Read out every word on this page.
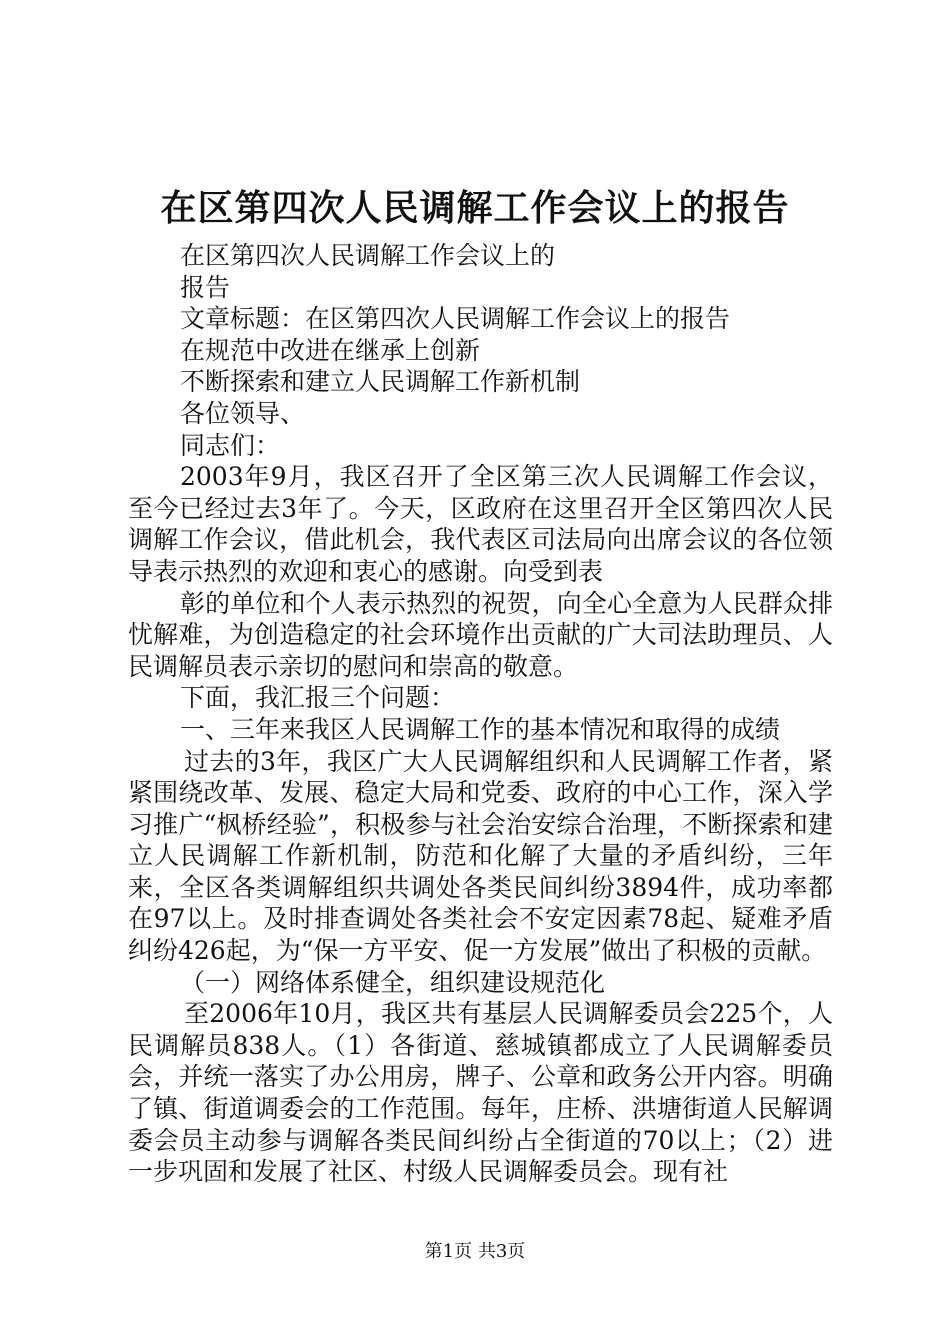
在区第四次人民调解工作会议上的报告

在区第四次人民调解工作会议上的

报告

文章标题：在区第四次人民调解工作会议上的报告

在规范中改进在继承上创新

不断探索和建立人民调解工作新机制

各位领导、

同志们：

2003年9月，我区召开了全区第三次人民调解工作会议，至今已经过去3年了。今天，区政府在这里召开全区第四次人民调解工作会议，借此机会，我代表区司法局向出席会议的各位领导表示热烈的欢迎和衷心的感谢。向受到表

彰的单位和个人表示热烈的祝贺，向全心全意为人民群众排忧解难，为创造稳定的社会环境作出贡献的广大司法助理员、人民调解员表示亲切的慰问和崇高的敬意。

下面，我汇报三个问题：

一、三年来我区人民调解工作的基本情况和取得的成绩

过去的3年，我区广大人民调解组织和人民调解工作者，紧紧围绕改革、发展、稳定大局和党委、政府的中心工作，深入学习推广“枫桥经验”，积极参与社会治安综合治理，不断探索和建立人民调解工作新机制，防范和化解了大量的矛盾纠纷，三年来，全区各类调解组织共调处各类民间纠纷3894件，成功率都在97以上。及时排查调处各类社会不安定因素78起、疑难矛盾纠纷426起，为“保一方平安、促一方发展”做出了积极的贡献。

（一）网络体系健全，组织建设规范化

至2006年10月，我区共有基层人民调解委员会225个，人民调解员838人。（1）各街道、慈城镇都成立了人民调解委员会，并统一落实了办公用房，牌子、公章和政务公开内容。明确了镇、街道调委会的工作范围。每年，庄桥、洪塘街道人民解调委会员主动参与调解各类民间纠纷占全街道的70以上；（2）进一步巩固和发展了社区、村级人民调解委员会。现有社

第1页 共3页
